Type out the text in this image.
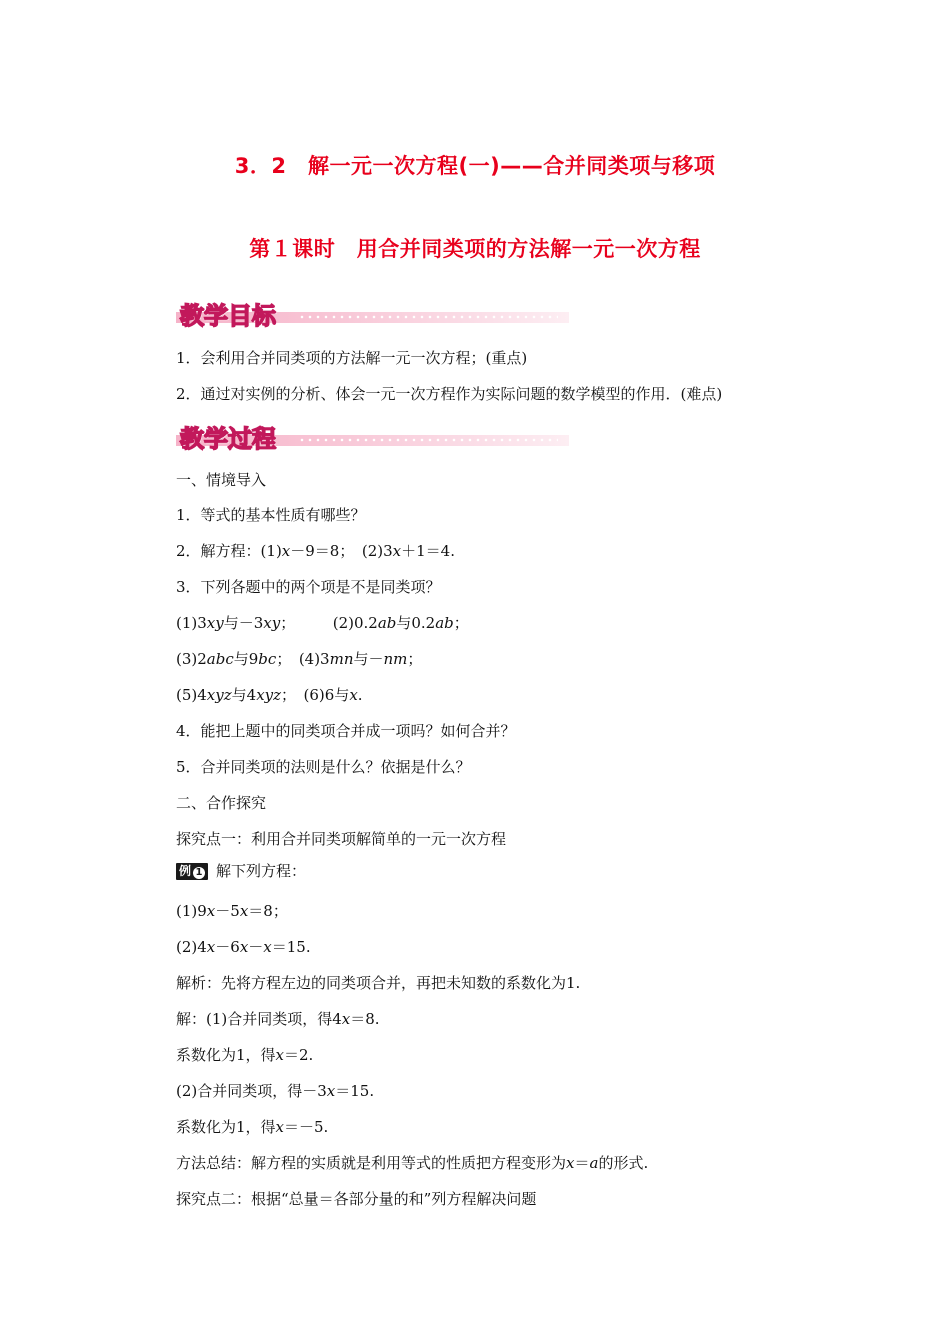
3．2　解一元一次方程(一)——合并同类项与移项
第１课时　用合并同类项的方法解一元一次方程
教学目标
1．会利用合并同类项的方法解一元一次方程；(重点)
2．通过对实例的分析、体会一元一次方程作为实际问题的数学模型的作用．(难点)
教学过程
一、情境导入
1．等式的基本性质有哪些？
2．解方程：(1)x－9＝8；　(2)3x＋1＝4.
3．下列各题中的两个项是不是同类项？
(1)3xy与－3xy；　　　(2)0.2ab与0.2ab；
(3)2abc与9bc；　(4)3mn与－nm；
(5)4xyz与4xyz；　(6)6与x.
4．能把上题中的同类项合并成一项吗？如何合并？
5．合并同类项的法则是什么？依据是什么？
二、合作探究
探究点一：利用合并同类项解简单的一元一次方程
例 1 解下列方程：
(1)9x－5x＝8；
(2)4x－6x－x＝15.
解析：先将方程左边的同类项合并，再把未知数的系数化为1.
解：(1)合并同类项，得4x＝8.
系数化为1，得x＝2.
(2)合并同类项，得－3x＝15.
系数化为1，得x＝－5.
方法总结：解方程的实质就是利用等式的性质把方程变形为x＝a的形式.
探究点二：根据“总量＝各部分量的和”列方程解决问题
